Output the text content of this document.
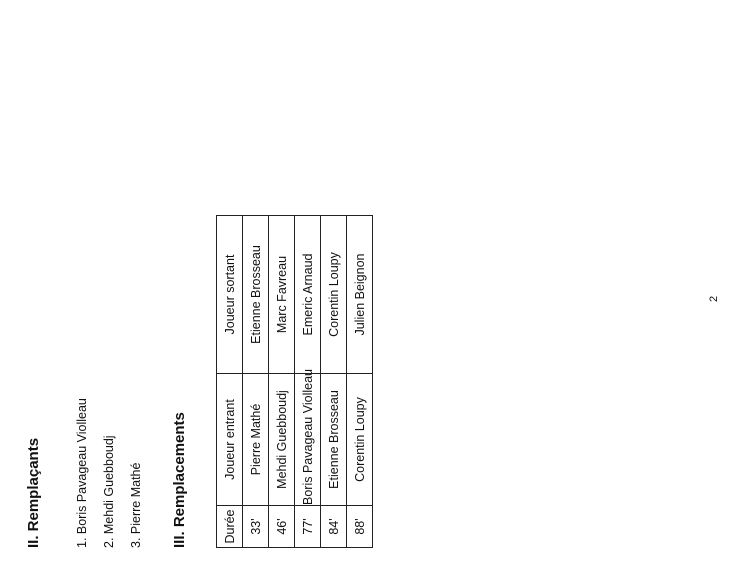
II. Remplaçants	1. Boris Pavageau Violleau	2. Mehdi Guebboudj	3. Pierre Mathé	III. Remplacements	Durée	Joueur entrant	Joueur sortant
33'	Pierre Mathé	Etienne Brosseau
46'	Mehdi Guebboudj	Marc Favreau
77'	Boris Pavageau Violleau	Emeric Arnaud
84'	Etienne Brosseau	Corentin Loupy
88'	Corentin Loupy	Julien Beignon	2
